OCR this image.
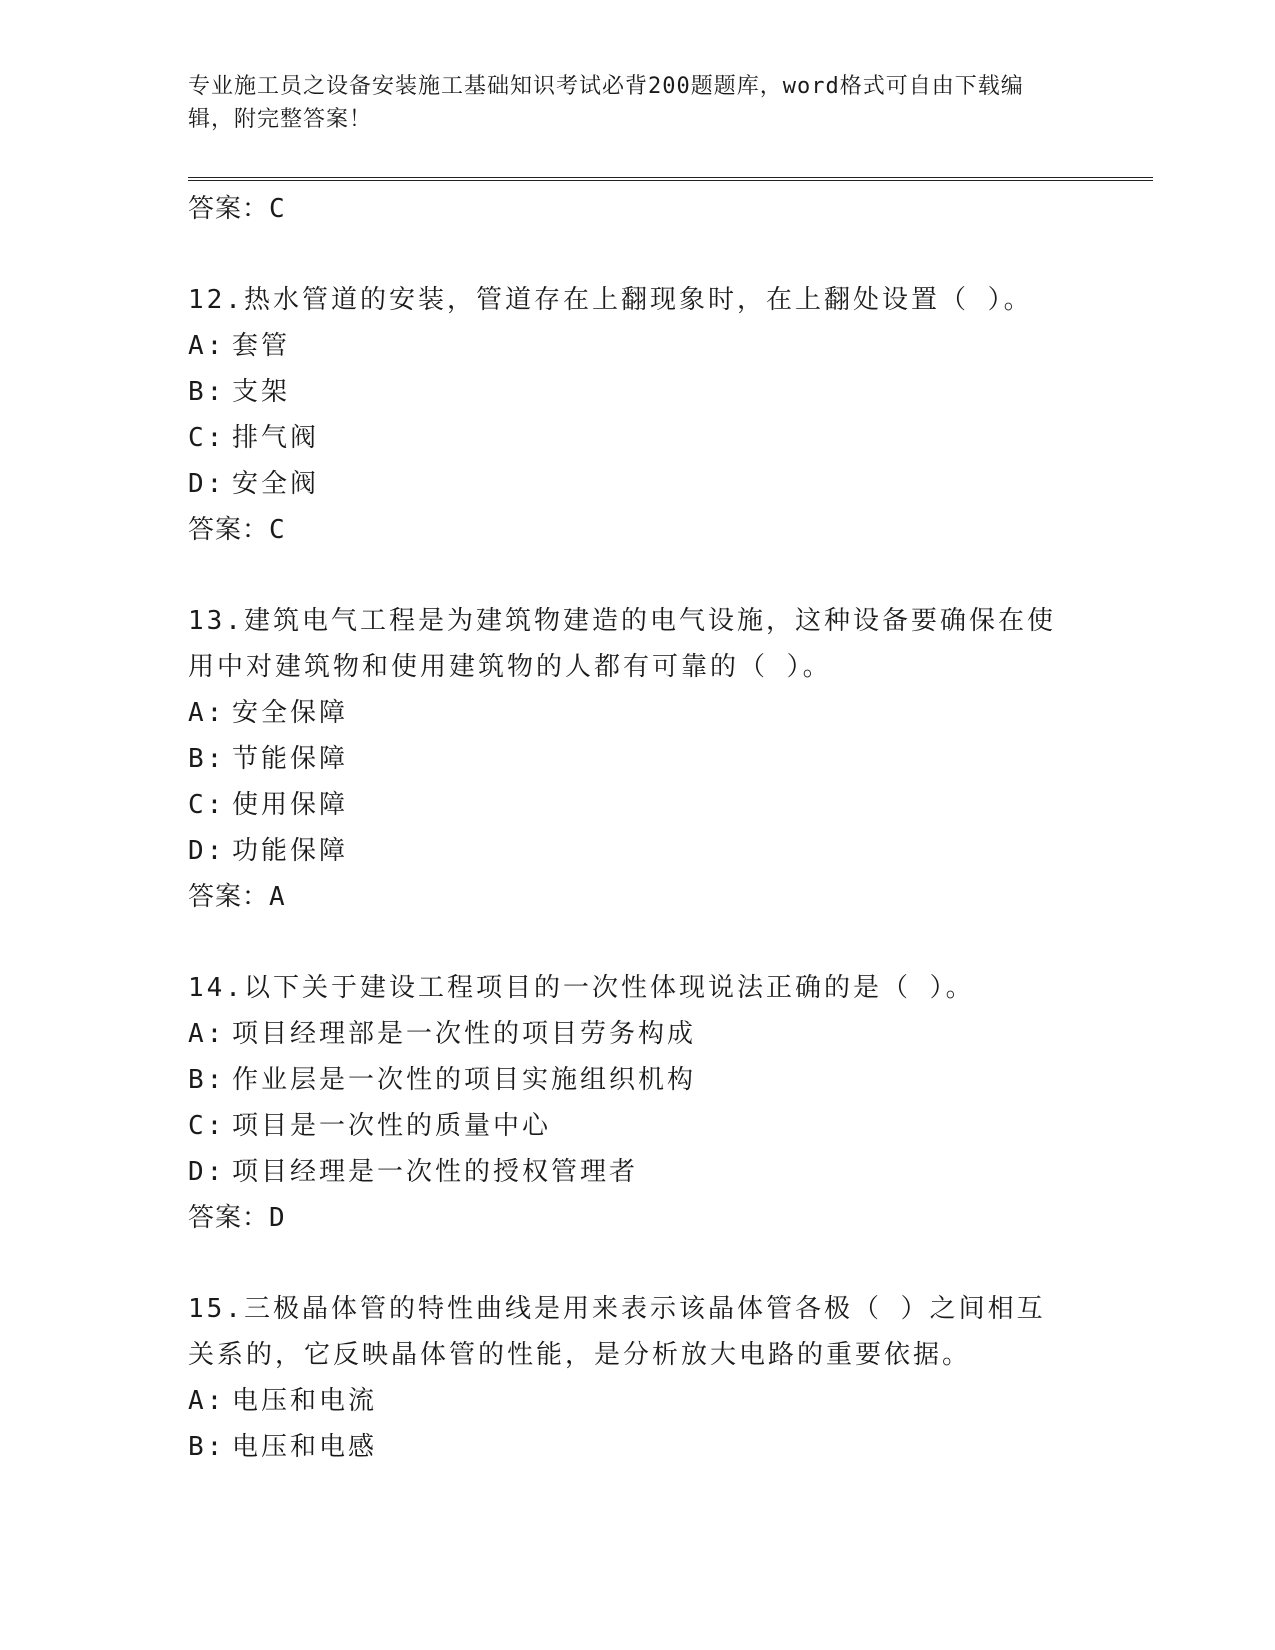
专业施工员之设备安装施工基础知识考试必背200题题库，word格式可自由下载编辑，附完整答案！
答案：C
12.热水管道的安装，管道存在上翻现象时，在上翻处设置（ ）。
A: 套管
B: 支架
C: 排气阀
D: 安全阀
答案：C
13.建筑电气工程是为建筑物建造的电气设施，这种设备要确保在使用中对建筑物和使用建筑物的人都有可靠的（ ）。
A: 安全保障
B: 节能保障
C: 使用保障
D: 功能保障
答案：A
14.以下关于建设工程项目的一次性体现说法正确的是（ ）。
A: 项目经理部是一次性的项目劳务构成
B: 作业层是一次性的项目实施组织机构
C: 项目是一次性的质量中心
D: 项目经理是一次性的授权管理者
答案：D
15.三极晶体管的特性曲线是用来表示该晶体管各极（ ）之间相互关系的，它反映晶体管的性能，是分析放大电路的重要依据。
A: 电压和电流
B: 电压和电感
